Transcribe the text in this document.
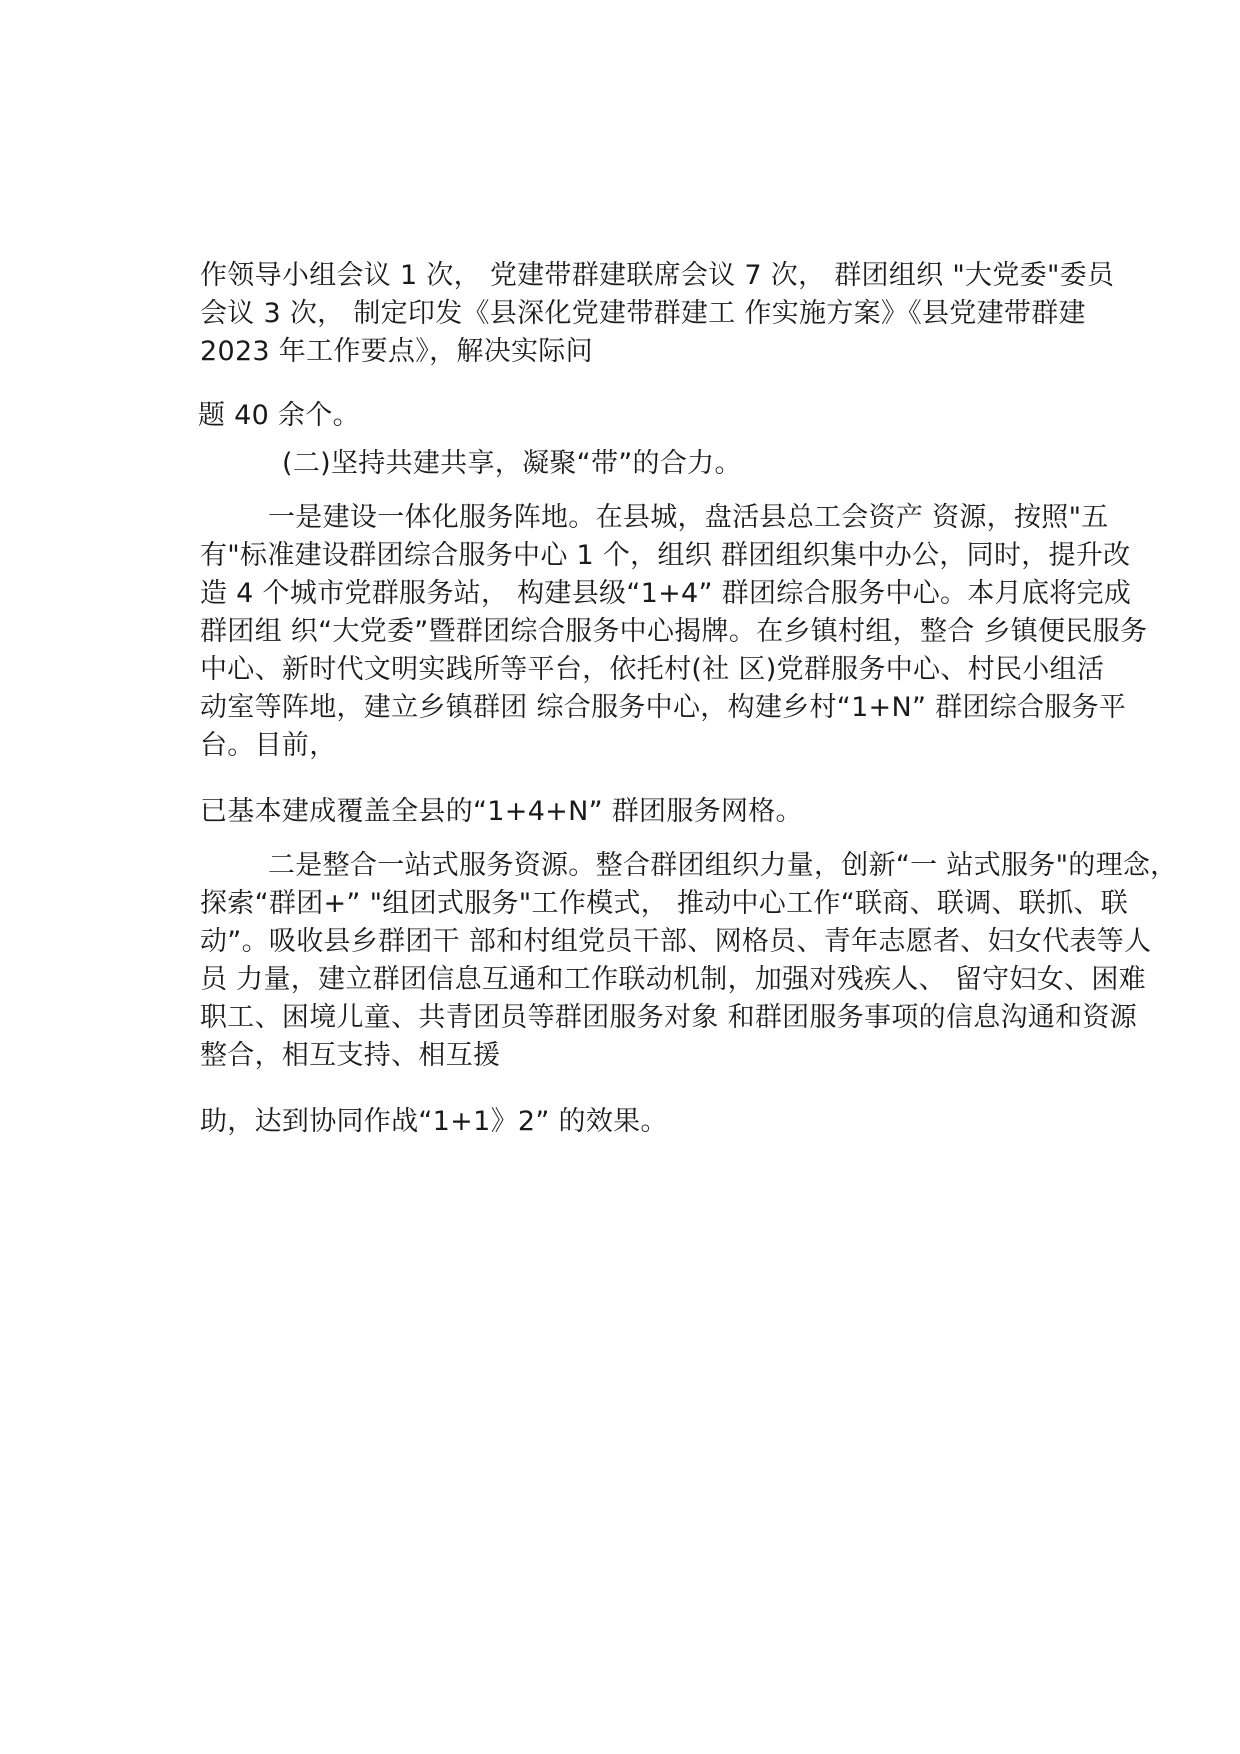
作领导小组会议 1 次， 党建带群建联席会议 7 次， 群团组织 "大党委"委员
会议 3 次， 制定印发《县深化党建带群建工 作实施方案》《县党建带群建
2023 年工作要点》，解决实际问
题 40 余个。
(二)坚持共建共享，凝聚“带”的合力。
一是建设一体化服务阵地。在县城，盘活县总工会资产 资源，按照"五
有"标准建设群团综合服务中心 1 个，组织 群团组织集中办公，同时，提升改
造 4 个城市党群服务站， 构建县级“1+4” 群团综合服务中心。本月底将完成
群团组 织“大党委”暨群团综合服务中心揭牌。在乡镇村组，整合 乡镇便民服务
中心、新时代文明实践所等平台，依托村(社 区)党群服务中心、村民小组活
动室等阵地，建立乡镇群团 综合服务中心，构建乡村“1+N” 群团综合服务平
台。目前，
已基本建成覆盖全县的“1+4+N” 群团服务网格。
二是整合一站式服务资源。整合群团组织力量，创新“一 站式服务"的理念，
探索“群团+” "组团式服务"工作模式， 推动中心工作“联商、联调、联抓、联
动”。吸收县乡群团干 部和村组党员干部、网格员、青年志愿者、妇女代表等人
员 力量，建立群团信息互通和工作联动机制，加强对残疾人、 留守妇女、困难
职工、困境儿童、共青团员等群团服务对象 和群团服务事项的信息沟通和资源
整合，相互支持、相互援
助，达到协同作战“1+1》2” 的效果。
